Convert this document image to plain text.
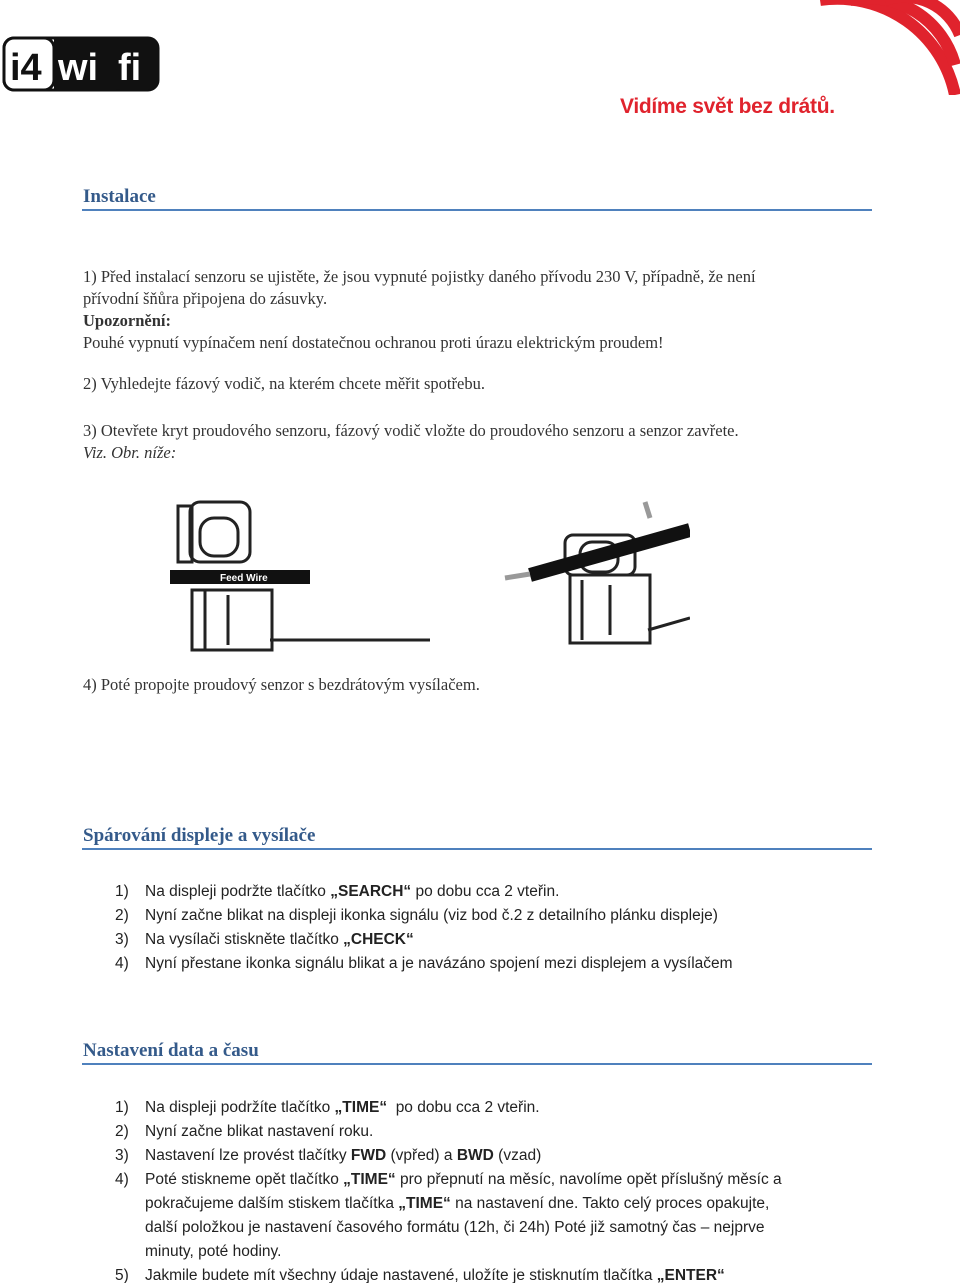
i4 wi fi
Vidíme svět bez drátů.
Instalace
1) Před instalací senzoru se ujistěte, že jsou vypnuté pojistky daného přívodu 230 V, případně, že není
přívodní šňůra připojena do zásuvky.
Upozornění:
Pouhé vypnutí vypínačem není dostatečnou ochranou proti úrazu elektrickým proudem!
2) Vyhledejte fázový vodič, na kterém chcete měřit spotřebu.
3) Otevřete kryt proudového senzoru, fázový vodič vložte do proudového senzoru a senzor zavřete.
Viz. Obr. níže:
Feed Wire
4) Poté propojte proudový senzor s bezdrátovým vysílačem.
Spárování displeje a vysílače
1) Na displeji podržte tlačítko „SEARCH“ po dobu cca 2 vteřin.
2) Nyní začne blikat na displeji ikonka signálu (viz bod č.2 z detailního plánku displeje)
3) Na vysílači stiskněte tlačítko „CHECK“
4) Nyní přestane ikonka signálu blikat a je navázáno spojení mezi displejem a vysílačem
Nastavení data a času
1) Na displeji podržíte tlačítko „TIME“  po dobu cca 2 vteřin.
2) Nyní začne blikat nastavení roku.
3) Nastavení lze provést tlačítky FWD (vpřed) a BWD (vzad)
4) Poté stiskneme opět tlačítko „TIME“ pro přepnutí na měsíc, navolíme opět příslušný měsíc a
pokračujeme dalším stiskem tlačítka „TIME“ na nastavení dne. Takto celý proces opakujte,
další položkou je nastavení časového formátu (12h, či 24h) Poté již samotný čas – nejprve
minuty, poté hodiny.
5) Jakmile budete mít všechny údaje nastavené, uložíte je stisknutím tlačítka „ENTER“
